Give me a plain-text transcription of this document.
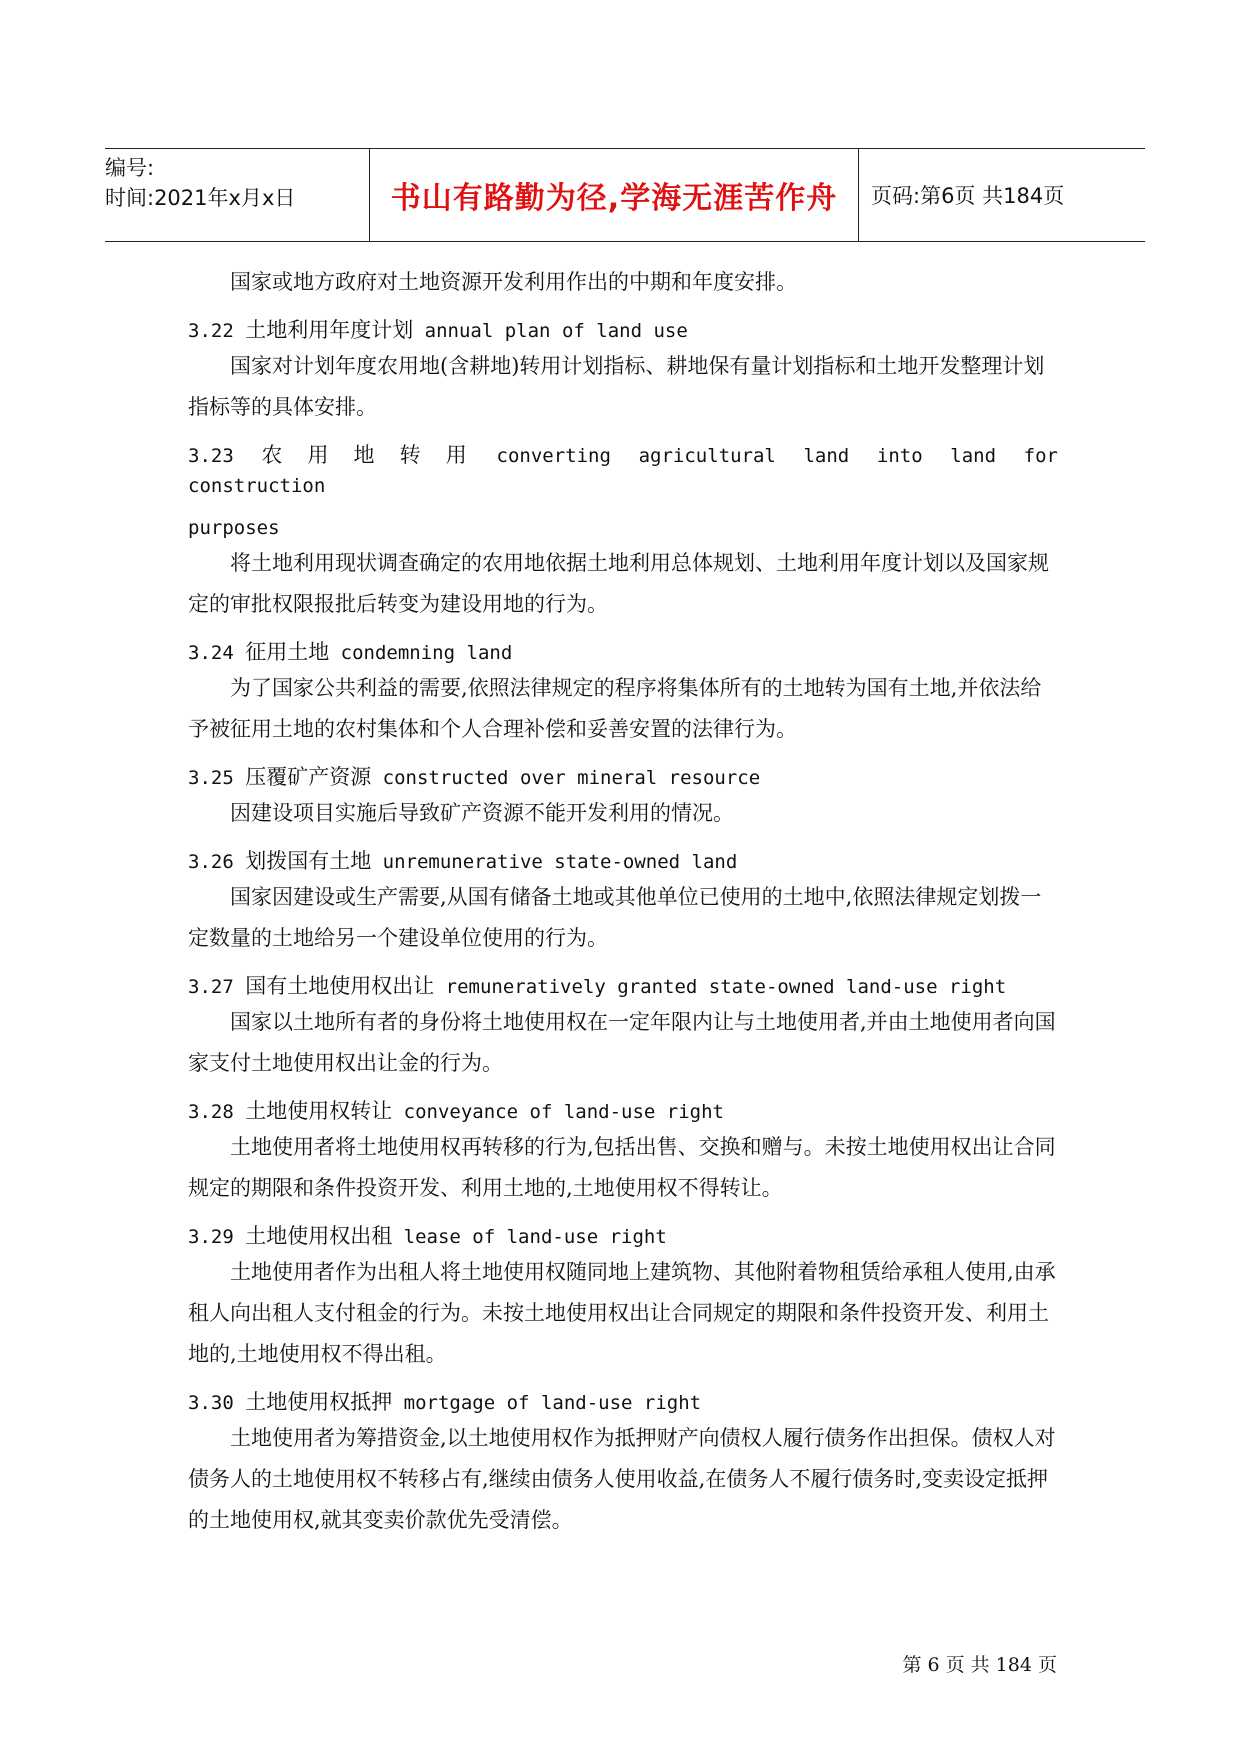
编号:
时间:2021年x月x日	书山有路勤为径,学海无涯苦作舟	页码:第6页 共184页

国家或地方政府对土地资源开发利用作出的中期和年度安排。

3.22 土地利用年度计划 annual plan of land use

国家对计划年度农用地(含耕地)转用计划指标、耕地保有量计划指标和土地开发整理计划指标等的具体安排。

3.23 农 用 地 转 用 converting agricultural land into land for construction

purposes

将土地利用现状调查确定的农用地依据土地利用总体规划、土地利用年度计划以及国家规定的审批权限报批后转变为建设用地的行为。

3.24 征用土地 condemning land

为了国家公共利益的需要,依照法律规定的程序将集体所有的土地转为国有土地,并依法给予被征用土地的农村集体和个人合理补偿和妥善安置的法律行为。

3.25 压覆矿产资源 constructed over mineral resource

因建设项目实施后导致矿产资源不能开发利用的情况。

3.26 划拨国有土地 unremunerative state-owned land

国家因建设或生产需要,从国有储备土地或其他单位已使用的土地中,依照法律规定划拨一定数量的土地给另一个建设单位使用的行为。

3.27 国有土地使用权出让 remuneratively granted state-owned land-use right

国家以土地所有者的身份将土地使用权在一定年限内让与土地使用者,并由土地使用者向国家支付土地使用权出让金的行为。

3.28 土地使用权转让 conveyance of land-use right

土地使用者将土地使用权再转移的行为,包括出售、交换和赠与。未按土地使用权出让合同规定的期限和条件投资开发、利用土地的,土地使用权不得转让。

3.29 土地使用权出租 lease of land-use right

土地使用者作为出租人将土地使用权随同地上建筑物、其他附着物租赁给承租人使用,由承租人向出租人支付租金的行为。未按土地使用权出让合同规定的期限和条件投资开发、利用土地的,土地使用权不得出租。

3.30 土地使用权抵押 mortgage of land-use right

土地使用者为筹措资金,以土地使用权作为抵押财产向债权人履行债务作出担保。债权人对债务人的土地使用权不转移占有,继续由债务人使用收益,在债务人不履行债务时,变卖设定抵押的土地使用权,就其变卖价款优先受清偿。

第 6 页 共 184 页
